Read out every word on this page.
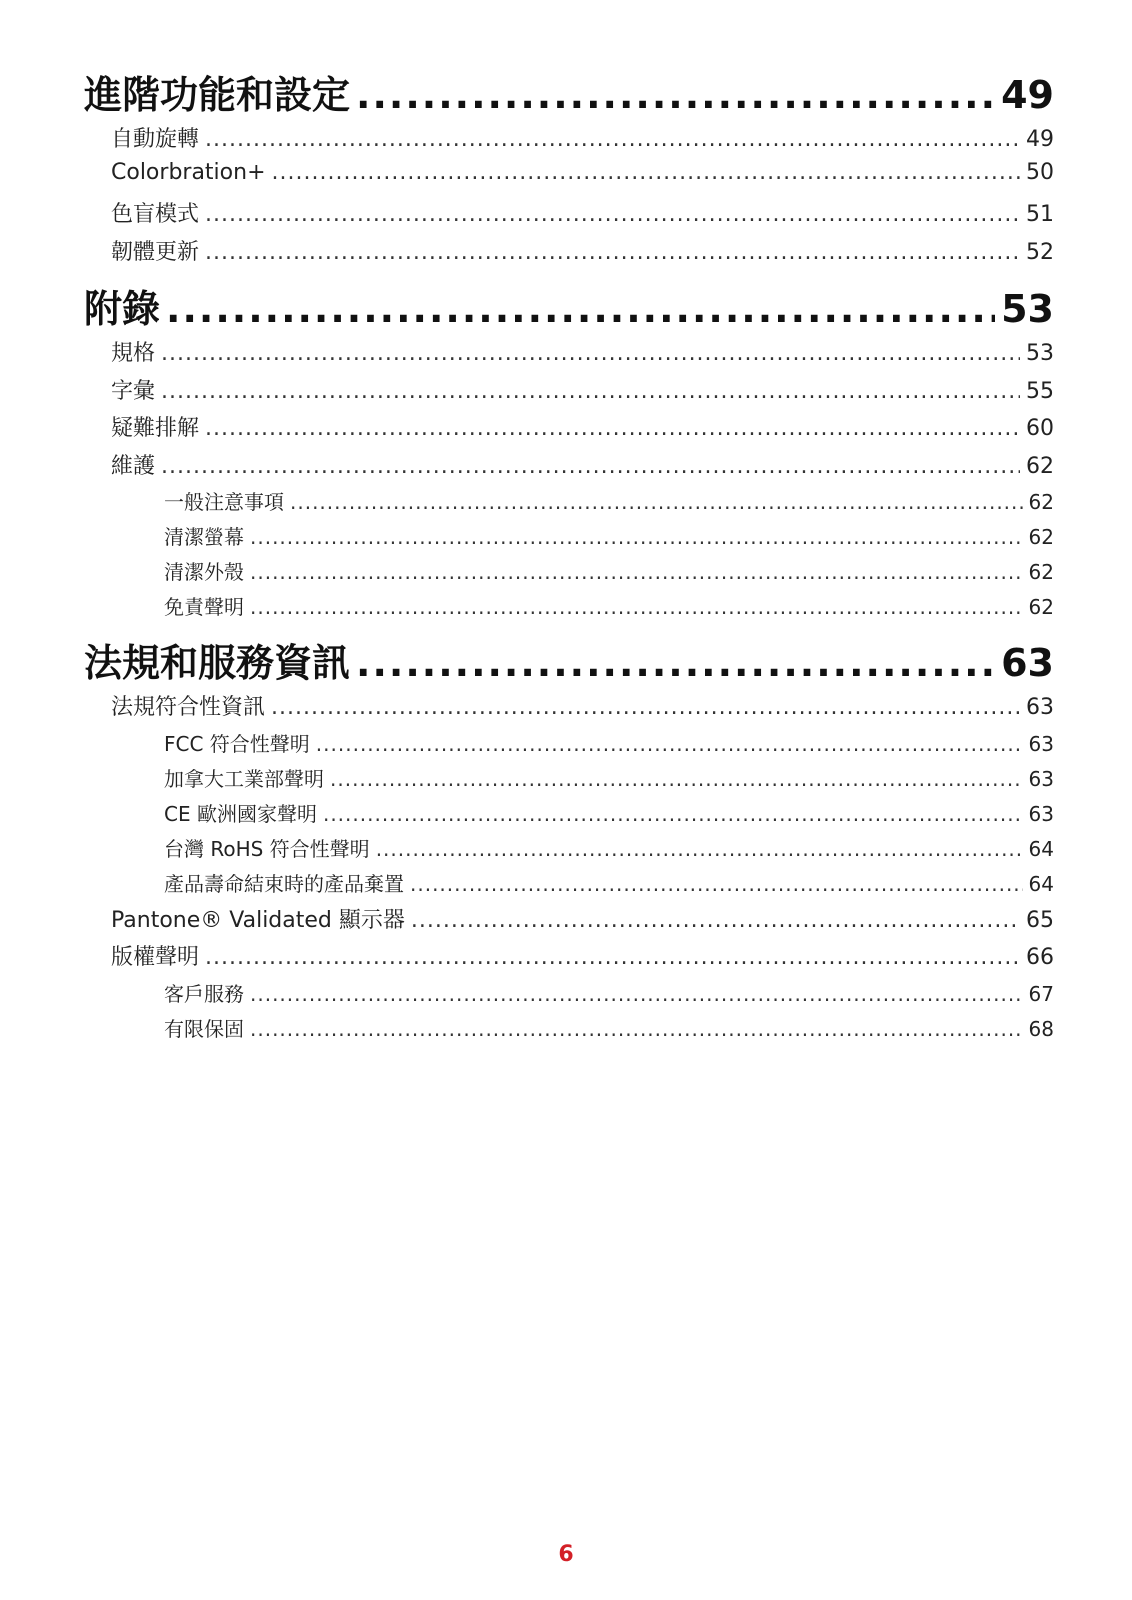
進階功能和設定 .....	49
自動旋轉 .....	49
Colorbration+ .....	50
色盲模式 .....	51
韌體更新 .....	52
附錄 .....	53
規格 .....	53
字彙 .....	55
疑難排解 .....	60
維護 .....	62
一般注意事項 .....	62
清潔螢幕 .....	62
清潔外殼 .....	62
免責聲明 .....	62
法規和服務資訊 .....	63
法規符合性資訊 .....	63
FCC 符合性聲明 .....	63
加拿大工業部聲明 .....	63
CE 歐洲國家聲明 .....	63
台灣 RoHS 符合性聲明 .....	64
產品壽命結束時的產品棄置 .....	64
Pantone® Validated 顯示器 .....	65
版權聲明 .....	66
客戶服務 .....	67
有限保固 .....	68
6
